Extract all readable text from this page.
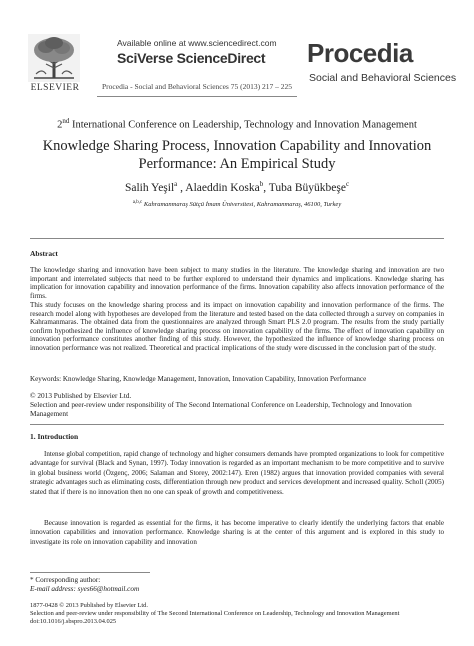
ELSEVIER
Available online at www.sciencedirect.com
SciVerse ScienceDirect
Procedia - Social and Behavioral Sciences 75 (2013) 217 – 225
Procedia
Social and Behavioral Sciences
2nd International Conference on Leadership, Technology and Innovation Management
Knowledge Sharing Process, Innovation Capability and Innovation Performance: An Empirical Study
Salih Yeşil$^a$ , Alaeddin Koska$^b$, Tuba Büyükbeşe$^c$
$^{a,b,c}$ Kahramanmaraş Sütçü İmam Üniversitesi, Kahramanmaraş, 46100, Turkey
Abstract
The knowledge sharing and innovation have been subject to many studies in the literature. The knowledge sharing and innovation are two important and interrelated subjects that need to be further explored to understand their dynamics and implications. Knowledge sharing has implication for innovation capability and innovation performance of the firms. Innovation capability also affects innovation performance of the firms.
This study focuses on the knowledge sharing process and its impact on innovation capability and innovation performance of the firms. The research model along with hypotheses are developed from the literature and tested based on the data collected through a survey on companies in Kahramanmaras. The obtained data from the questionnaires are analyzed through Smart PLS 2.0 program. The results from the study partially confirm hypothesized the influence of knowledge sharing process on innovation capability of the firms. The effect of innovation capability on innovation performance constitutes another finding of this study. However, the hypothesized the influence of knowledge sharing process on innovation performance was not realized. Theoretical and practical implications of the study were discussed in the conclusion part of the study.
Keywords: Knowledge Sharing, Knowledge Management, Innovation, Innovation Capability, Innovation Performance
© 2013 Published by Elsevier Ltd.
Selection and peer-review under responsibility of The Second International Conference on Leadership, Technology and Innovation Management
1. Introduction
Intense global competition, rapid change of technology and higher consumers demands have prompted organizations to look for competitive advantage for survival (Black and Synan, 1997). Today innovation is regarded as an important mechanism to be more competitive and to survive in global business world (Özgenç, 2006; Salaman and Storey, 2002:147). Eren (1982) argues that innovation provided companies with several strategic advantages such as eliminating costs, differentiation through new product and services development and increased quality. Scholl (2005) stated that if there is no innovation then no one can speak of growth and competitiveness.
Because innovation is regarded as essential for the firms, it has become imperative to clearly identify the underlying factors that enable innovation capabilities and innovation performance. Knowledge sharing is at the center of this argument and is explored in this study to investigate its role on innovation capability and innovation
* Corresponding author:
E-mail address: syes66@hotmail.com
1877-0428 © 2013 Published by Elsevier Ltd.
Selection and peer-review under responsibility of The Second International Conference on Leadership, Technology and Innovation Management
doi:10.1016/j.sbspro.2013.04.025
